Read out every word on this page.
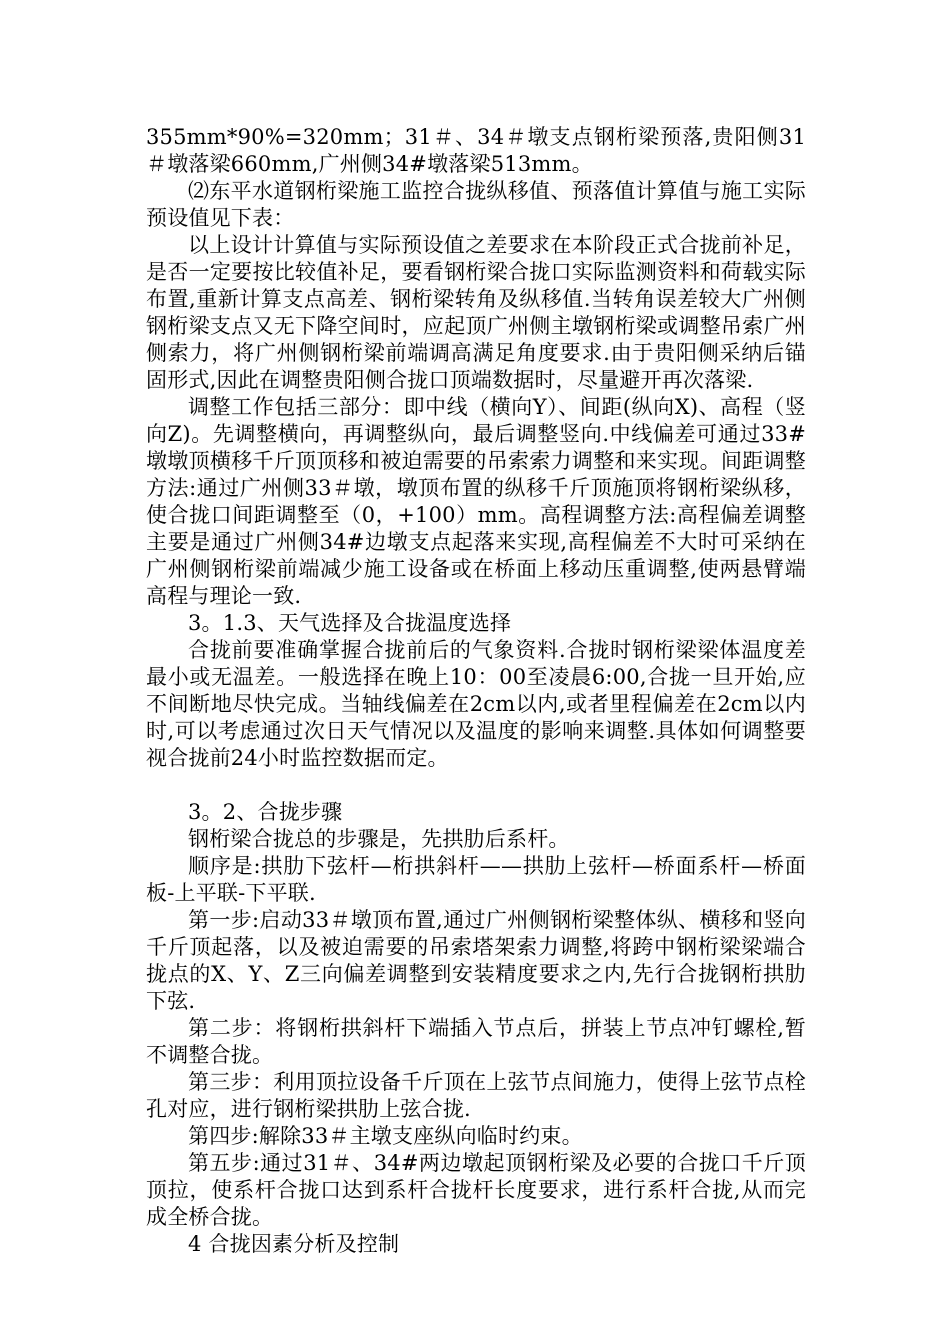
355mm*90%=320mm；31＃、34＃墩支点钢桁梁预落,贵阳侧31＃墩落梁660mm,广州侧34#墩落梁513mm。

⑵东平水道钢桁梁施工监控合拢纵移值、预落值计算值与施工实际预设值见下表：

以上设计计算值与实际预设值之差要求在本阶段正式合拢前补足，是否一定要按比较值补足，要看钢桁梁合拢口实际监测资料和荷载实际布置,重新计算支点高差、钢桁梁转角及纵移值.当转角误差较大广州侧钢桁梁支点又无下降空间时，应起顶广州侧主墩钢桁梁或调整吊索广州侧索力，将广州侧钢桁梁前端调高满足角度要求.由于贵阳侧采纳后锚固形式,因此在调整贵阳侧合拢口顶端数据时，尽量避开再次落梁.

调整工作包括三部分：即中线（横向Y）、间距(纵向X)、高程（竖向Z)。先调整横向，再调整纵向，最后调整竖向.中线偏差可通过33#墩墩顶横移千斤顶顶移和被迫需要的吊索索力调整和来实现。间距调整方法:通过广州侧33＃墩，墩顶布置的纵移千斤顶施顶将钢桁梁纵移，使合拢口间距调整至（0，+100）mm。高程调整方法:高程偏差调整主要是通过广州侧34#边墩支点起落来实现,高程偏差不大时可采纳在广州侧钢桁梁前端减少施工设备或在桥面上移动压重调整,使两悬臂端高程与理论一致.

3。1.3、天气选择及合拢温度选择

合拢前要准确掌握合拢前后的气象资料.合拢时钢桁梁梁体温度差最小或无温差。一般选择在晚上10：00至凌晨6:00,合拢一旦开始,应不间断地尽快完成。当轴线偏差在2cm以内,或者里程偏差在2cm以内时,可以考虑通过次日天气情况以及温度的影响来调整.具体如何调整要视合拢前24小时监控数据而定。

3。2、合拢步骤

钢桁梁合拢总的步骤是，先拱肋后系杆。

顺序是:拱肋下弦杆—桁拱斜杆——拱肋上弦杆—桥面系杆—桥面板-上平联-下平联.

第一步:启动33＃墩顶布置,通过广州侧钢桁梁整体纵、横移和竖向千斤顶起落，以及被迫需要的吊索塔架索力调整,将跨中钢桁梁梁端合拢点的X、Y、Z三向偏差调整到安装精度要求之内,先行合拢钢桁拱肋下弦.

第二步：将钢桁拱斜杆下端插入节点后，拼装上节点冲钉螺栓,暂不调整合拢。

第三步：利用顶拉设备千斤顶在上弦节点间施力，使得上弦节点栓孔对应，进行钢桁梁拱肋上弦合拢.

第四步:解除33＃主墩支座纵向临时约束。

第五步:通过31＃、34#两边墩起顶钢桁梁及必要的合拢口千斤顶顶拉，使系杆合拢口达到系杆合拢杆长度要求，进行系杆合拢,从而完成全桥合拢。

4 合拢因素分析及控制
